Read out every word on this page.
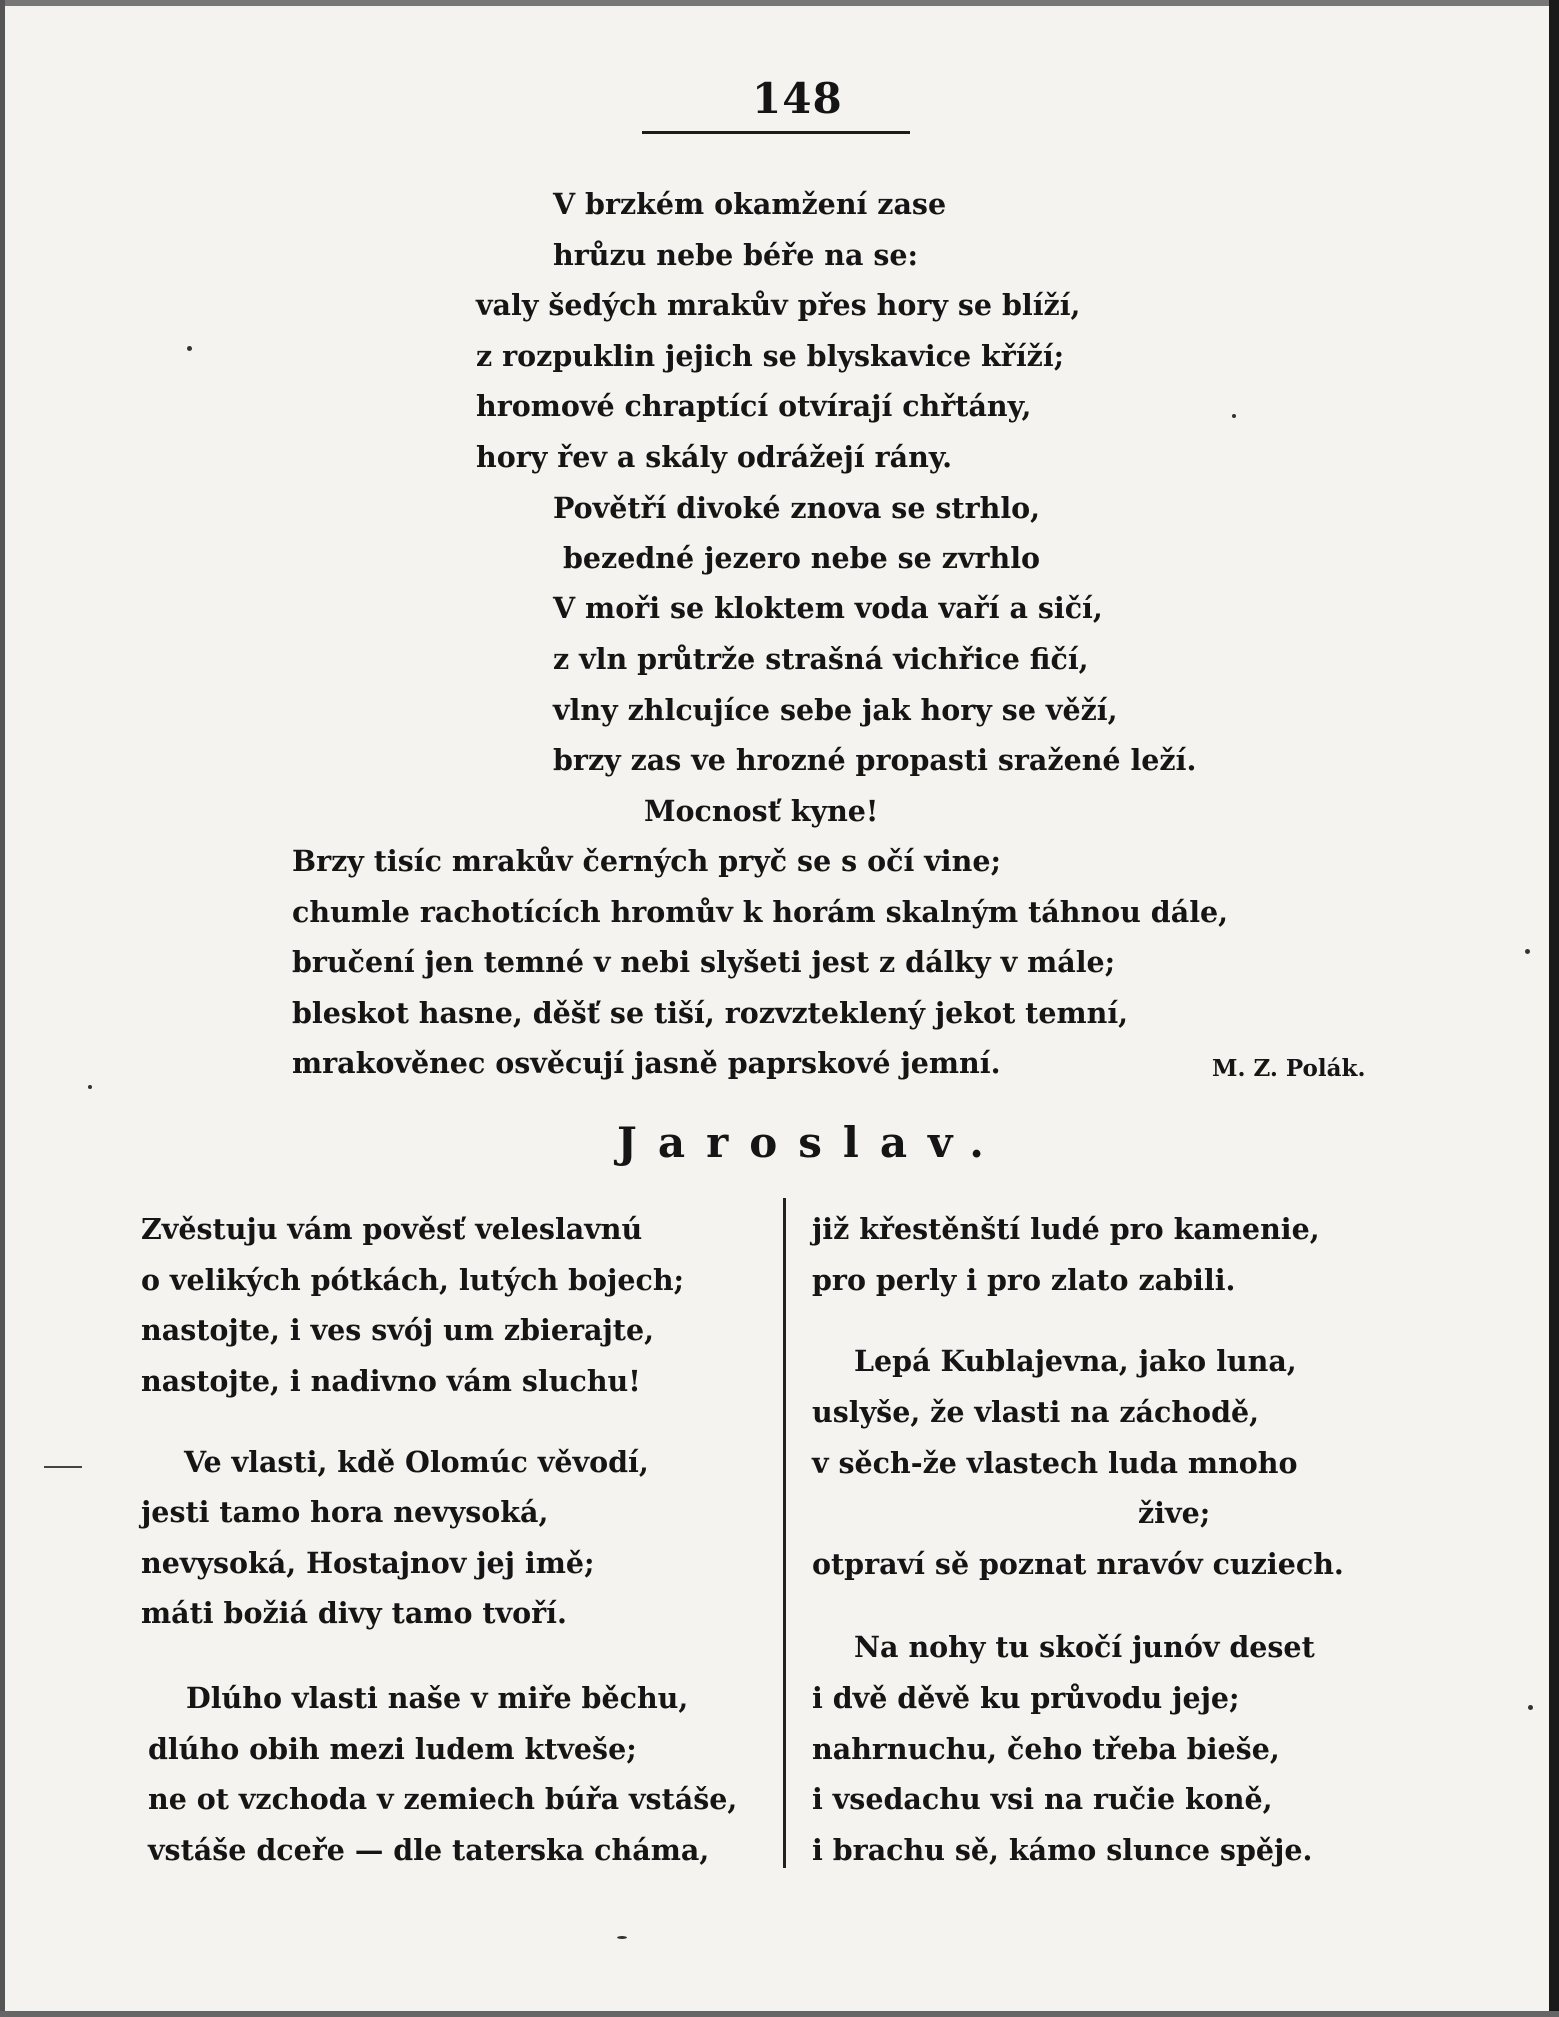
148
V brzkém okamžení zase
hrůzu nebe béře na se:
valy šedých mrakův přes hory se blíží,
z rozpuklin jejich se blyskavice kříží;
hromové chraptící otvírají chřtány,
hory řev a skály odrážejí rány.
Povětří divoké znova se strhlo,
bezedné jezero nebe se zvrhlo
V moři se kloktem voda vaří a sičí,
z vln průtrže strašná vichřice fičí,
vlny zhlcujíce sebe jak hory se věží,
brzy zas ve hrozné propasti sražené leží.
Mocnosť kyne!
Brzy tisíc mrakův černých pryč se s očí vine;
chumle rachotících hromův k horám skalným táhnou dále,
bručení jen temné v nebi slyšeti jest z dálky v mále;
bleskot hasne, děšť se tiší, rozvzteklený jekot temní,
mrakověnec osvěcují jasně paprskové jemní.	M. Z. Polák.
Jaroslav.
Zvěstuju vám pověsť veleslavnú
o velikých pótkách, lutých bojech;
nastojte, i ves svój um zbierajte,
nastojte, i nadivno vám sluchu!
Ve vlasti, kdě Olomúc věvodí,
jesti tamo hora nevysoká,
nevysoká, Hostajnov jej imě;
máti božiá divy tamo tvoří.
Dlúho vlasti naše v miře běchu,
dlúho obih mezi ludem ktveše;
ne ot vzchoda v zemiech búřa vstáše,
vstáše dceře — dle taterska cháma,
již křestěnští ludé pro kamenie,
pro perly i pro zlato zabili.
Lepá Kublajevna, jako luna,
uslyše, že vlasti na záchodě,
v sěch-že vlastech luda mnoho
žive;
otpraví sě poznat nravóv cuziech.
Na nohy tu skočí junóv deset
i dvě děvě ku průvodu jeje;
nahrnuchu, čeho třeba bieše,
i vsedachu vsi na ručie koně,
i brachu sě, kámo slunce spěje.
